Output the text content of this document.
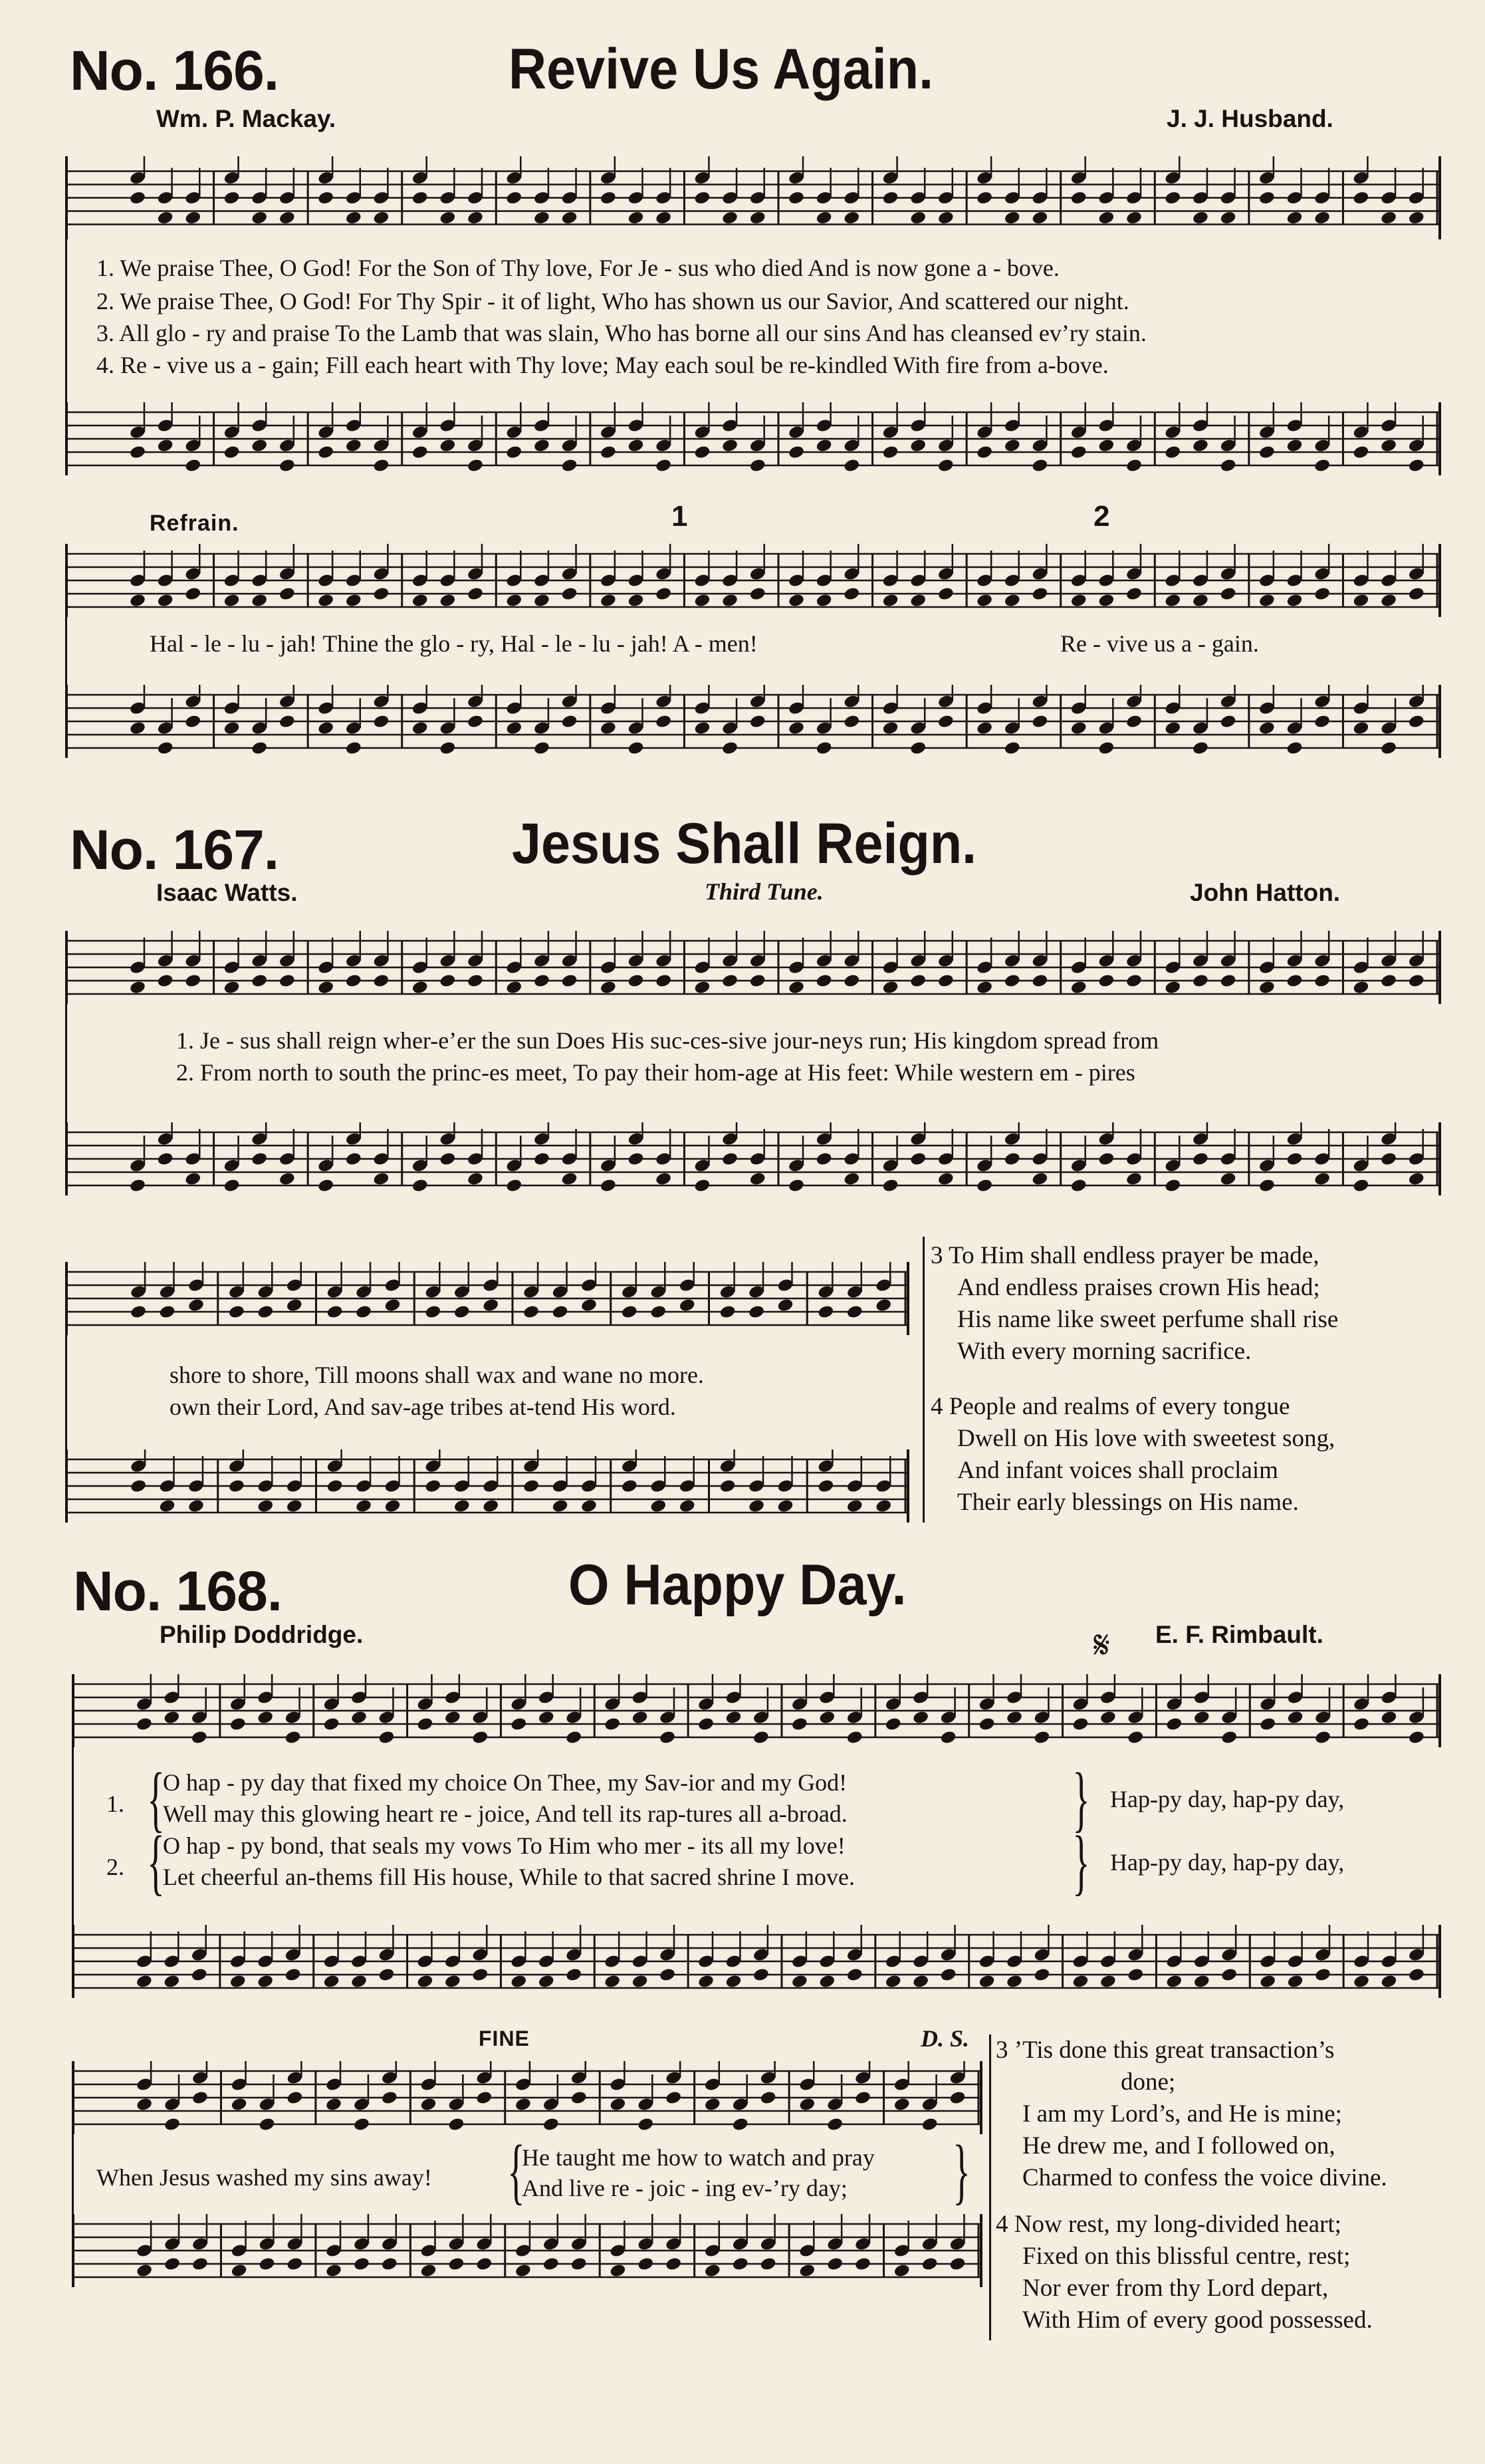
No. 166.	Revive Us Again.
Wm. P. Mackay.	J. J. Husband.
1. We praise Thee, O God! For the Son of Thy love, For Je - sus who died And is now gone a - bove.
2. We praise Thee, O God! For Thy Spir - it of light, Who has shown us our Savior, And scattered our night.
3. All glo - ry and praise To the Lamb that was slain, Who has borne all our sins And has cleansed ev’ry stain.
4. Re - vive us a - gain; Fill each heart with Thy love; May each soul be re-kindled With fire from a-bove.
Refrain.	1	2
Hal - le - lu - jah! Thine the glo - ry, Hal - le - lu - jah! A - men!	Re - vive us a - gain.
No. 167.	Jesus Shall Reign.
Isaac Watts.	Third Tune.	John Hatton.
1. Je - sus shall reign wher-e’er the sun Does His suc-ces-sive jour-neys run; His kingdom spread from
2. From north to south the princ-es meet, To pay their hom-age at His feet: While western em - pires
shore to shore, Till moons shall wax and wane no more.
own their Lord, And sav-age tribes at-tend His word.
3 To Him shall endless prayer be made,
And endless praises crown His head;
His name like sweet perfume shall rise
With every morning sacrifice.
4 People and realms of every tongue
Dwell on His love with sweetest song,
And infant voices shall proclaim
Their early blessings on His name.
No. 168.	O Happy Day.
Philip Doddridge.	𝄋 E. F. Rimbault.
1. {
O hap - py day that fixed my choice On Thee, my Sav-ior and my God!
Well may this glowing heart re - joice, And tell its rap-tures all a-broad.	} Hap-py day, hap-py day,
2. {
O hap - py bond, that seals my vows To Him who mer - its all my love!
Let cheerful an-thems fill His house, While to that sacred shrine I move.	} Hap-py day, hap-py day,
FINE	D. S.
When Jesus washed my sins away! {
He taught me how to watch and pray
And live re - joic - ing ev-’ry day; }
3 ’Tis done this great transaction’s
done;
I am my Lord’s, and He is mine;
He drew me, and I followed on,
Charmed to confess the voice divine.
4 Now rest, my long-divided heart;
Fixed on this blissful centre, rest;
Nor ever from thy Lord depart,
With Him of every good possessed.
